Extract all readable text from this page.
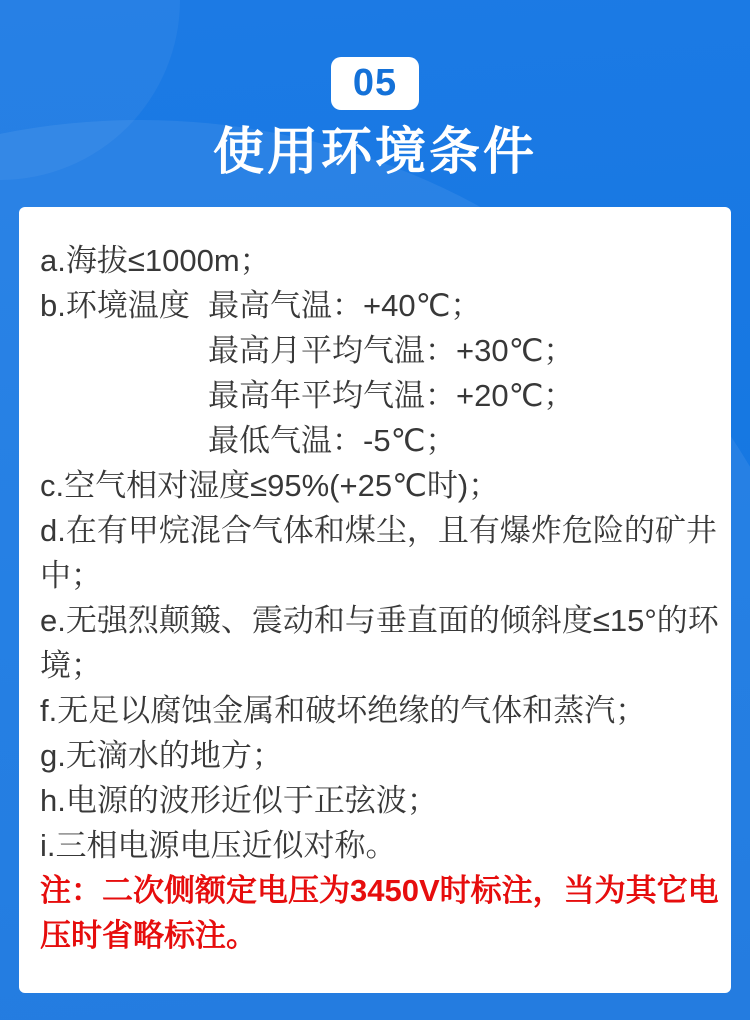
05
使用环境条件

a.海拔≤1000m；

b.环境温度 最高气温：+40℃；

最高月平均气温：+30℃；

最高年平均气温：+20℃；

最低气温：-5℃；

c.空气相对湿度≤95%(+25℃时)；

d.在有甲烷混合气体和煤尘，且有爆炸危险的矿井

中；

e.无强烈颠簸、震动和与垂直面的倾斜度≤15°的环

境；

f.无足以腐蚀金属和破坏绝缘的气体和蒸汽；

g.无滴水的地方；

h.电源的波形近似于正弦波；

i.三相电源电压近似对称。

注：二次侧额定电压为3450V时标注，当为其它电

压时省略标注。
